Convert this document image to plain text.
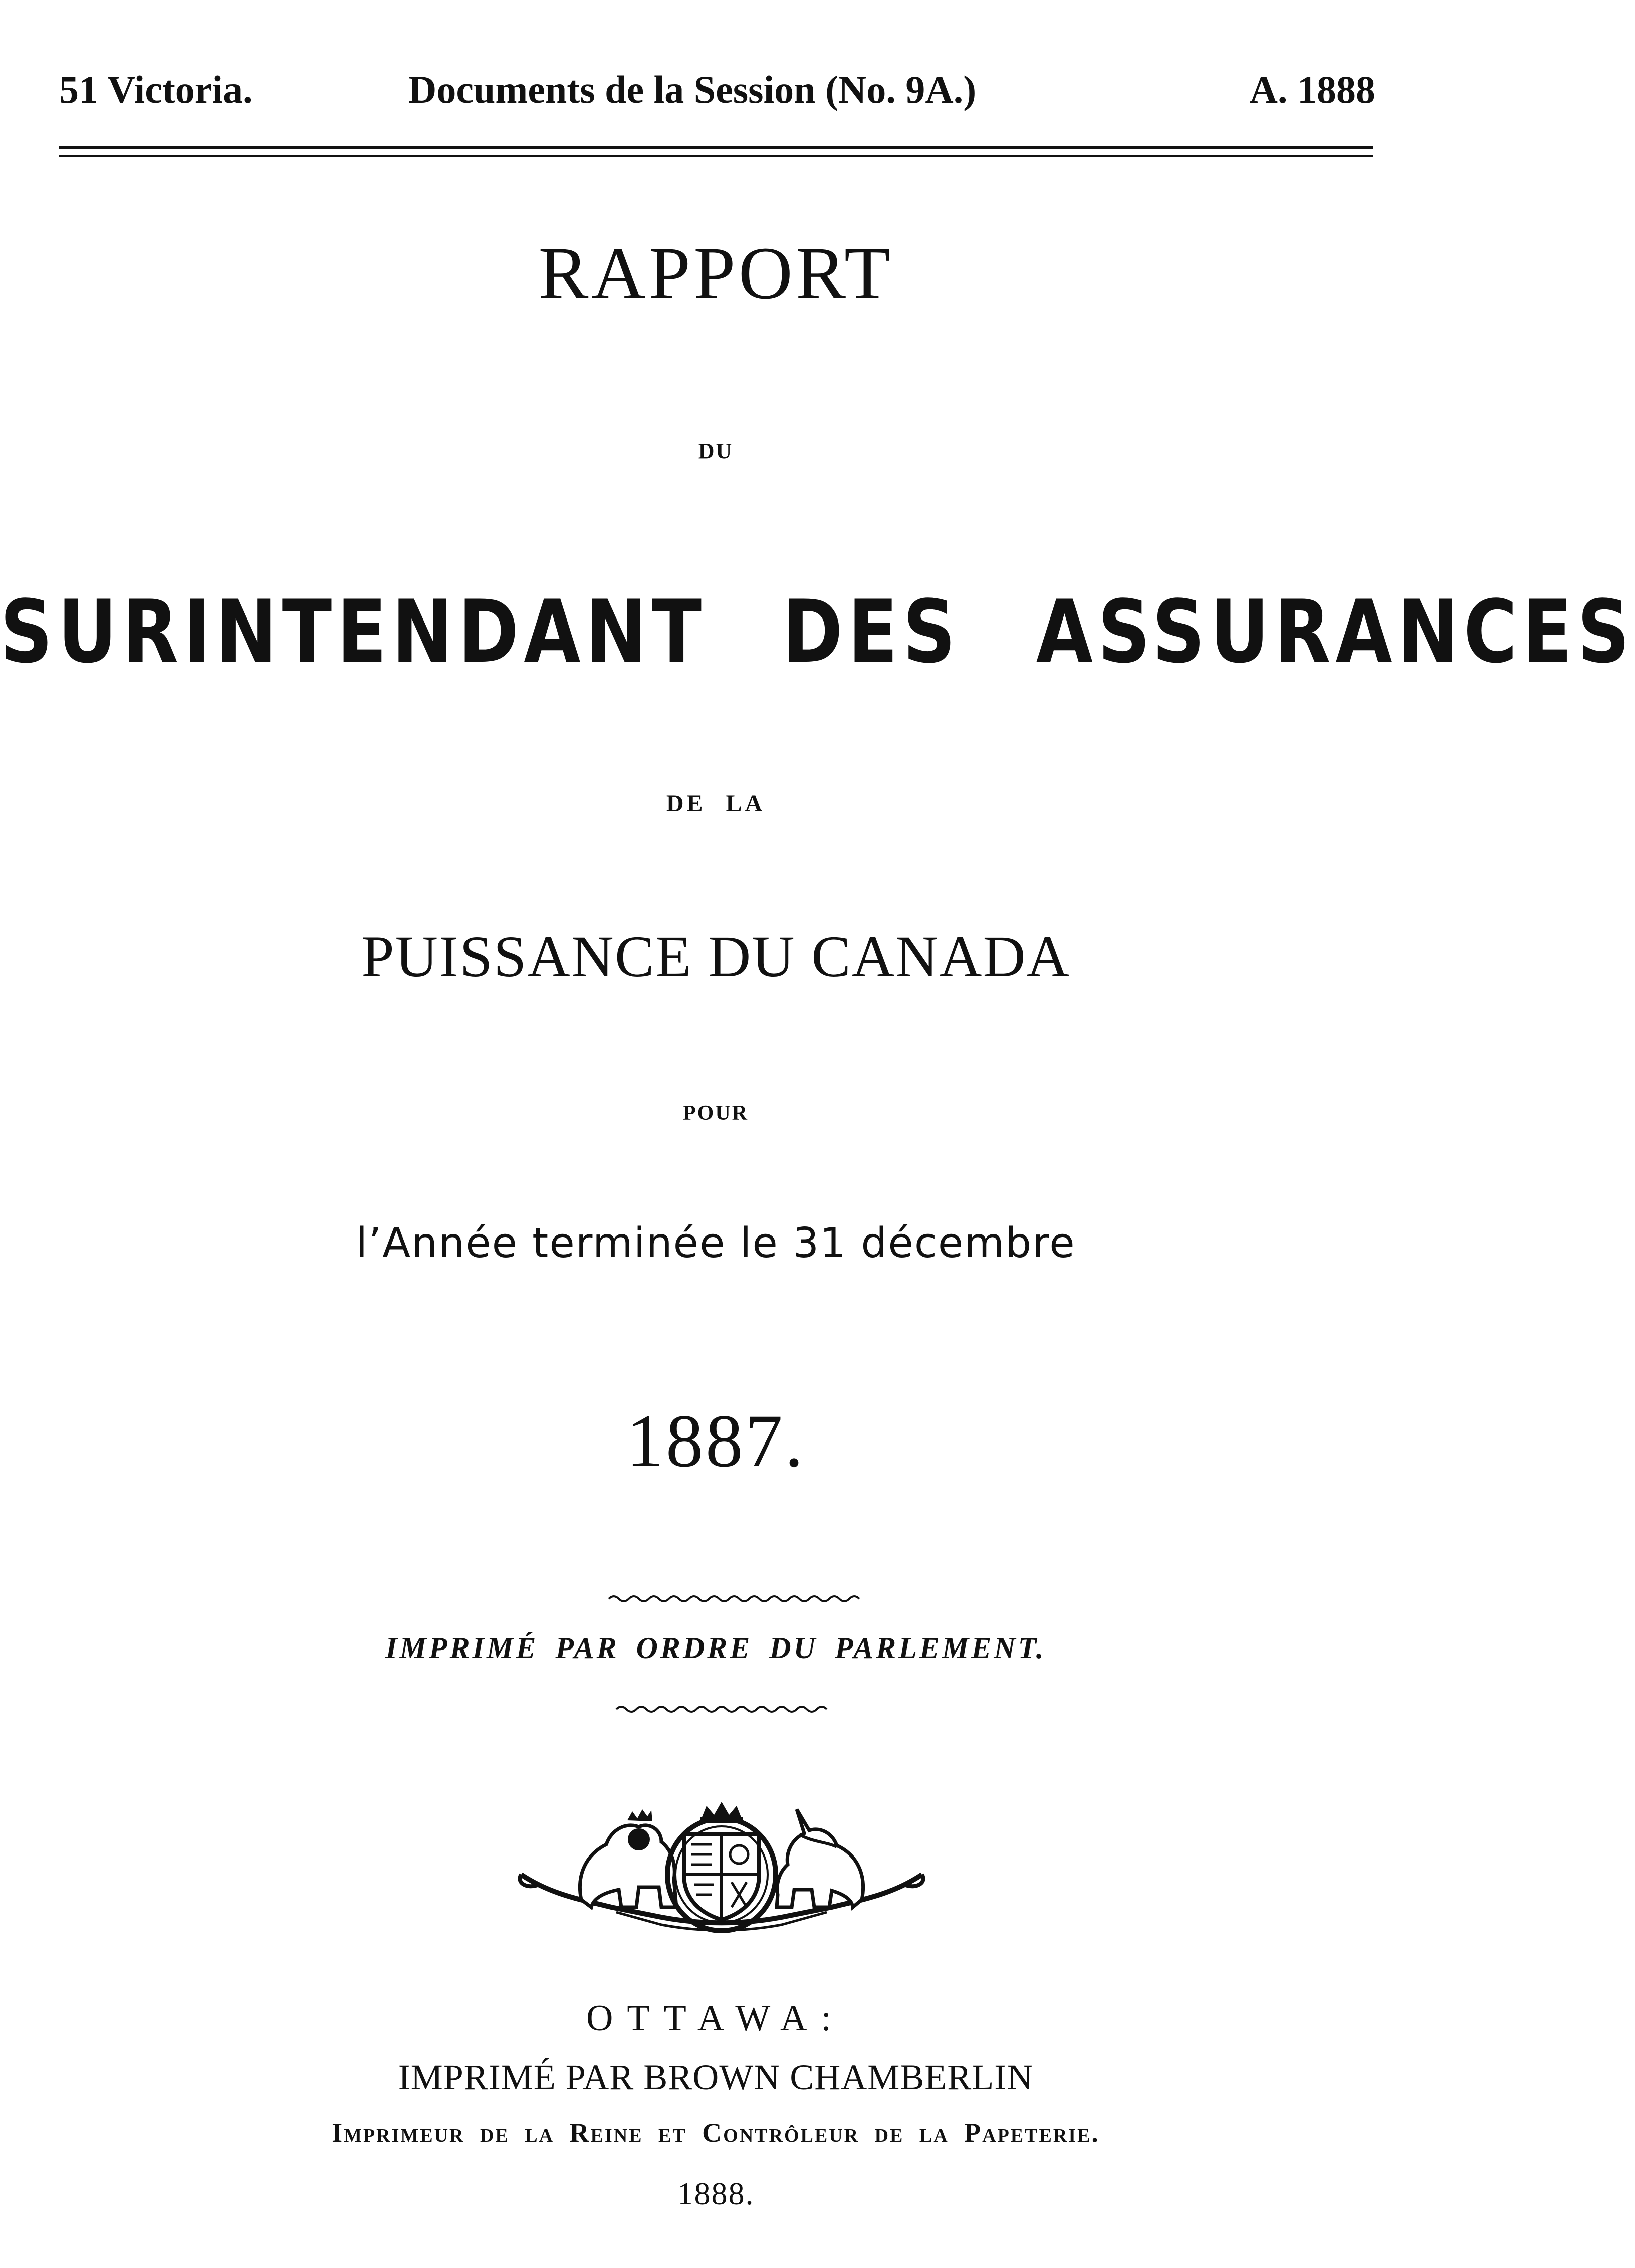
51 Victoria.	Documents de la Session (No. 9A.)	A. 1888
RAPPORT
DU
SURINTENDANT DES ASSURANCES
DE LA
PUISSANCE DU CANADA
POUR
l’Année terminée le 31 décembre
1887.
IMPRIMÉ PAR ORDRE DU PARLEMENT.
OTTAWA:
IMPRIMÉ PAR BROWN CHAMBERLIN
Imprimeur de la Reine et Contrôleur de la Papeterie.
1888.
